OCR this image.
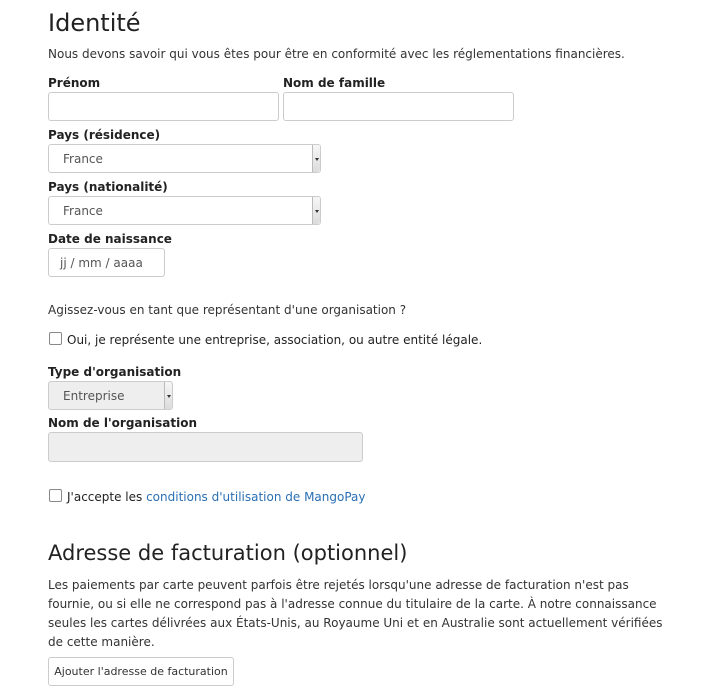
Identité
Nous devons savoir qui vous êtes pour être en conformité avec les réglementations financières.
Prénom	Nom de famille
Pays (résidence)
France
Pays (nationalité)
France
Date de naissance
jj / mm / aaaa
Agissez-vous en tant que représentant d'une organisation ?
Oui, je représente une entreprise, association, ou autre entité légale.
Type d'organisation
Entreprise
Nom de l'organisation
J'accepte les conditions d'utilisation de MangoPay
Adresse de facturation (optionnel)
Les paiements par carte peuvent parfois être rejetés lorsqu'une adresse de facturation n'est pas fournie, ou si elle ne correspond pas à l'adresse connue du titulaire de la carte. À notre connaissance seules les cartes délivrées aux États-Unis, au Royaume Uni et en Australie sont actuellement vérifiées de cette manière.
Ajouter l'adresse de facturation
